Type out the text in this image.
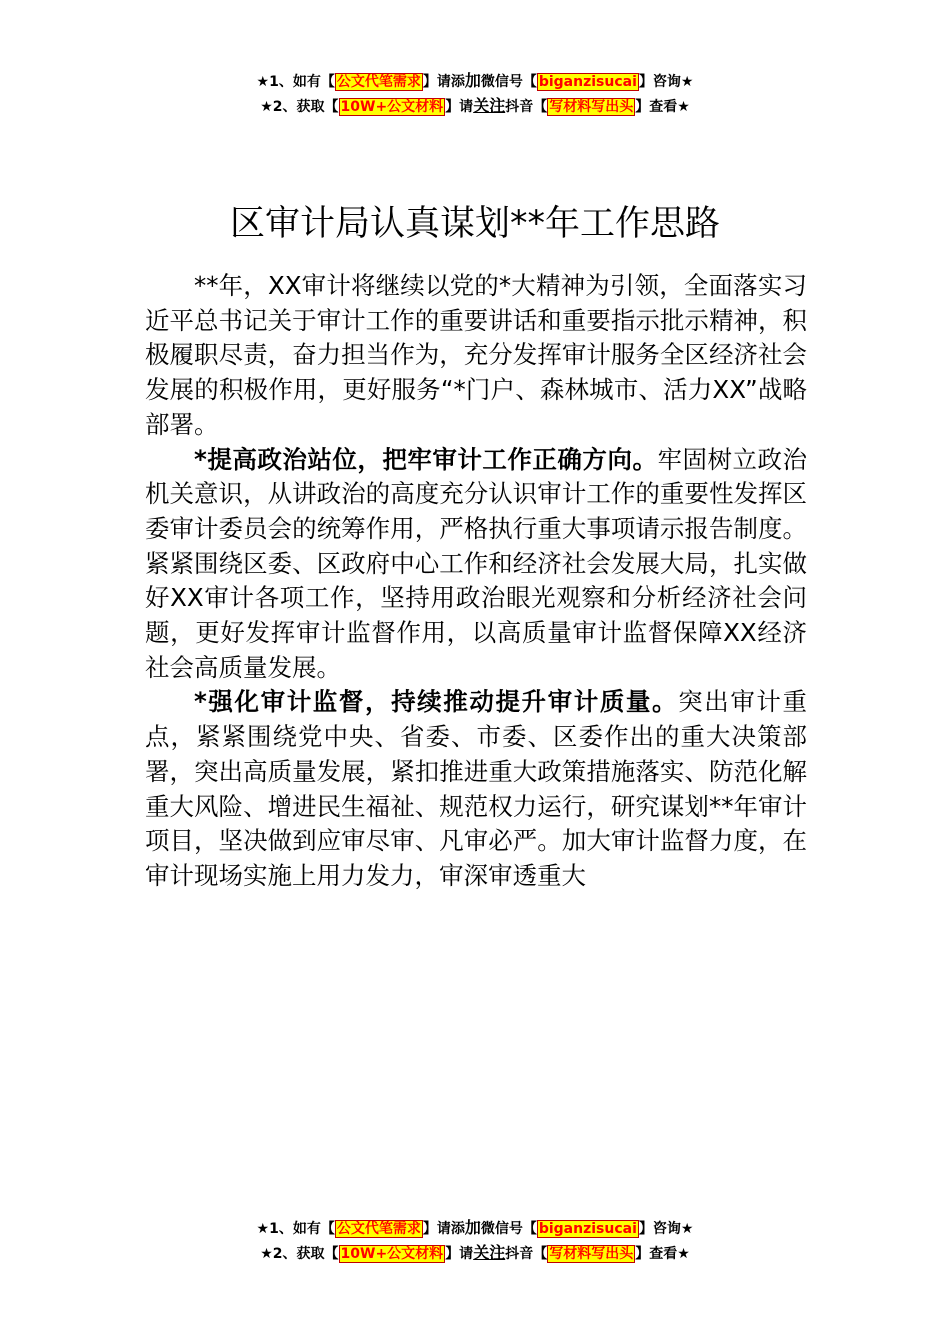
★1、如有【 公文代笔需求 】请添加微信号【 biganzisucai 】咨询★
★2、获取【 10W+公文材料 】请关注抖音【 写材料写出头 】查看★
区审计局认真谋划**年工作思路

**年，XX审计将继续以党的*大精神为引领，全面落实习近平总书记关于审计工作的重要讲话和重要指示批示精神，积极履职尽责，奋力担当作为，充分发挥审计服务全区经济社会发展的积极作用，更好服务“*门户、森林城市、活力XX”战略部署。

*提高政治站位，把牢审计工作正确方向。牢固树立政治机关意识，从讲政治的高度充分认识审计工作的重要性发挥区委审计委员会的统筹作用，严格执行重大事项请示报告制度。紧紧围绕区委、区政府中心工作和经济社会发展大局，扎实做好XX审计各项工作，坚持用政治眼光观察和分析经济社会问题，更好发挥审计监督作用，以高质量审计监督保障XX经济社会高质量发展。

*强化审计监督，持续推动提升审计质量。突出审计重点，紧紧围绕党中央、省委、市委、区委作出的重大决策部署，突出高质量发展，紧扣推进重大政策措施落实、防范化解重大风险、增进民生福祉、规范权力运行，研究谋划**年审计项目，坚决做到应审尽审、凡审必严。加大审计监督力度，在审计现场实施上用力发力，审深审透重大

★1、如有【 公文代笔需求 】请添加微信号【 biganzisucai 】咨询★
★2、获取【 10W+公文材料 】请关注抖音【 写材料写出头 】查看★
